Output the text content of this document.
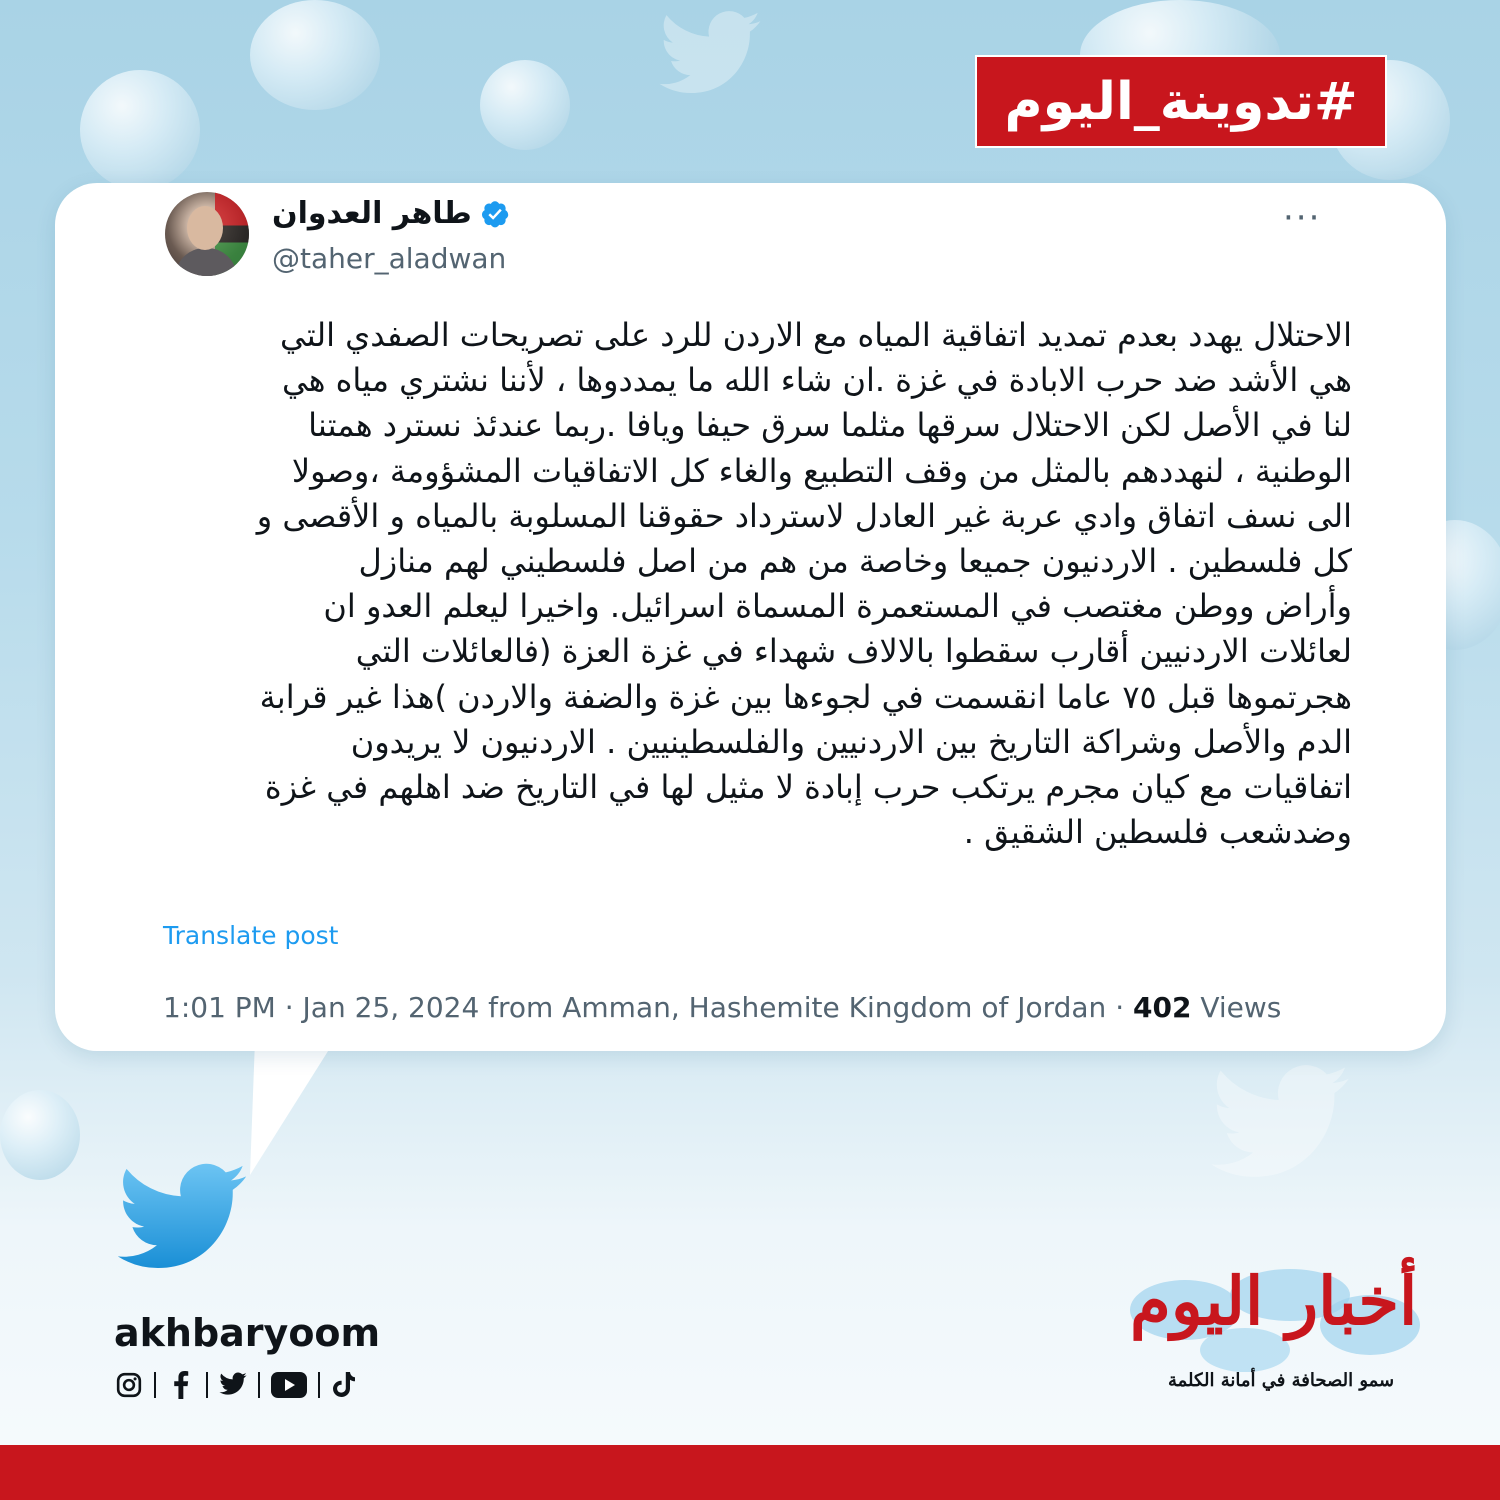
#تدوينة_اليوم
طاهر العدوان
@taher_aladwan
···
الاحتلال يهدد بعدم تمديد اتفاقية المياه مع الاردن للرد على تصريحات الصفدي التي
هي الأشد ضد حرب الابادة في غزة .ان شاء الله ما يمددوها ، لأننا نشتري مياه هي
لنا في الأصل لكن الاحتلال سرقها مثلما سرق حيفا ويافا .ربما عندئذ نسترد همتنا
الوطنية ، لنهددهم بالمثل من وقف التطبيع والغاء كل الاتفاقيات المشؤومة ،وصولا
الى نسف اتفاق وادي عربة غير العادل لاسترداد حقوقنا المسلوبة بالمياه و الأقصى و
كل فلسطين . الاردنيون جميعا وخاصة من هم من اصل فلسطيني لهم منازل
وأراض ووطن مغتصب في المستعمرة المسماة اسرائيل. واخيرا ليعلم العدو ان
لعائلات الاردنيين أقارب سقطوا بالالاف شهداء في غزة العزة (فالعائلات التي
هجرتموها قبل ٧٥ عاما انقسمت في لجوءها بين غزة والضفة والاردن )هذا غير قرابة
الدم والأصل وشراكة التاريخ بين الاردنيين والفلسطينيين . الاردنيون لا يريدون
اتفاقيات مع كيان مجرم يرتكب حرب إبادة لا مثيل لها في التاريخ ضد اهلهم في غزة
وضدشعب فلسطين الشقيق .
Translate post
1:01 PM · Jan 25, 2024 from Amman, Hashemite Kingdom of Jordan · 402 Views
akhbaryoom	أخبار اليوم
سمو الصحافة في أمانة الكلمة
